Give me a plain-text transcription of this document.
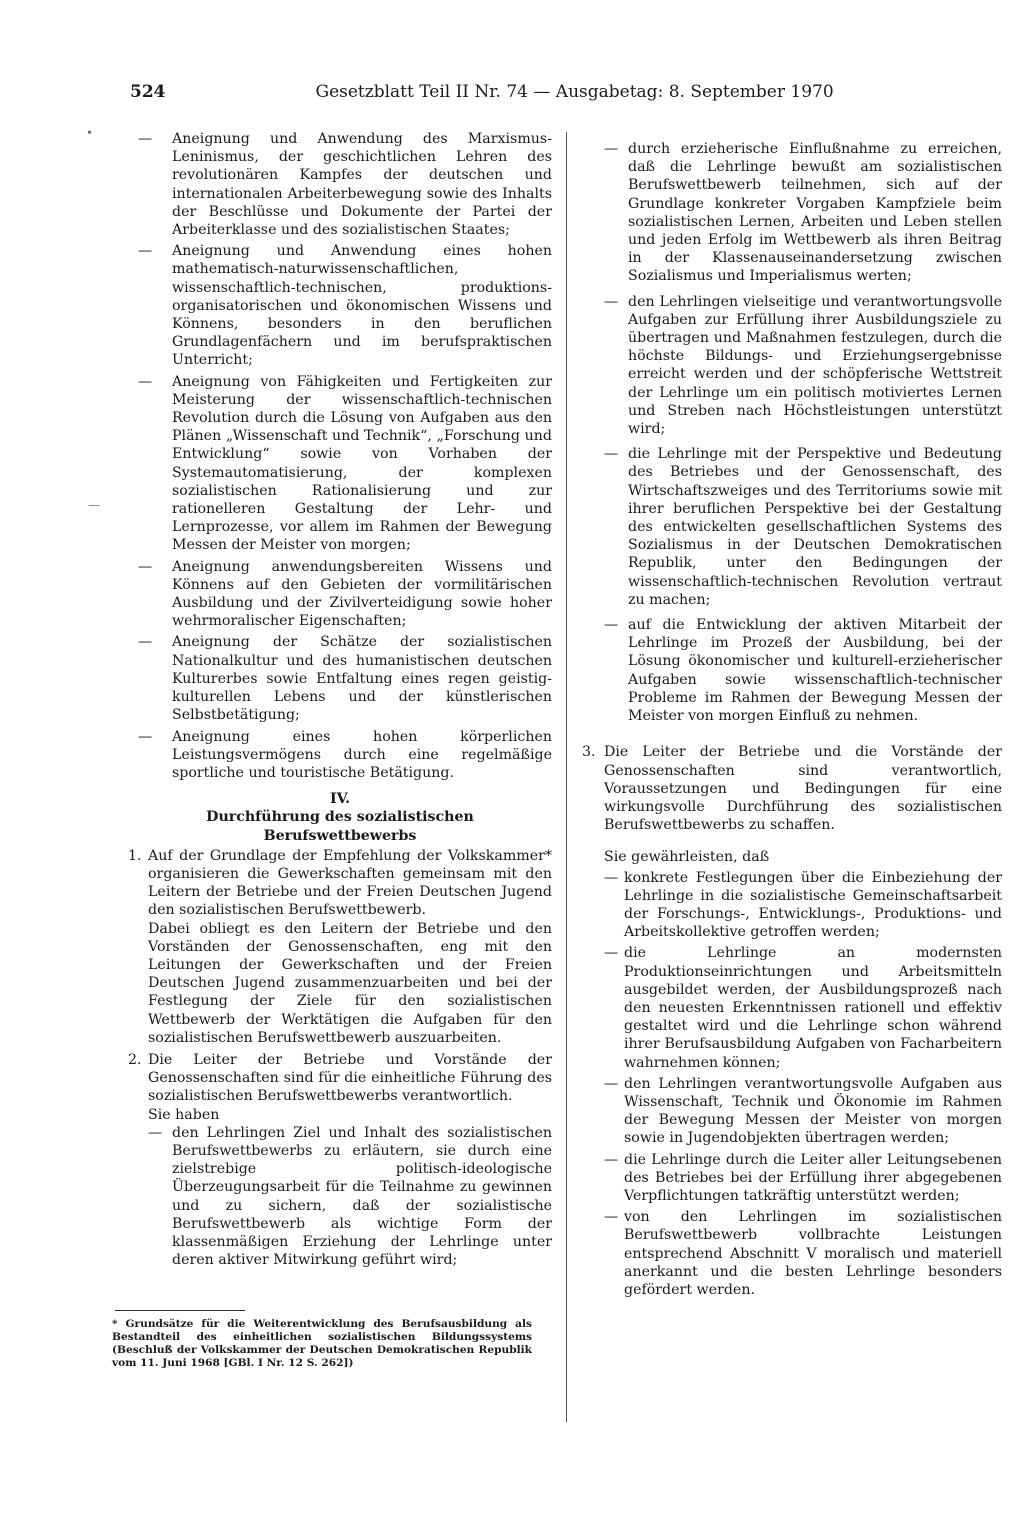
524	Gesetzblatt Teil II Nr. 74 — Ausgabetag: 8. September 1970
•
—
— Aneignung und Anwendung des Marxismus-Leninismus, der geschichtlichen Lehren des revolutionären Kampfes der deutschen und internationalen Arbeiterbewegung sowie des Inhalts der Beschlüsse und Dokumente der Partei der Arbeiterklasse und des sozialistischen Staates;
— Aneignung und Anwendung eines hohen mathematisch-naturwissenschaftlichen, wissenschaftlich-technischen, produktions-organisatorischen und ökonomischen Wissens und Könnens, besonders in den beruflichen Grundlagenfächern und im berufspraktischen Unterricht;
— Aneignung von Fähigkeiten und Fertigkeiten zur Meisterung der wissenschaftlich-technischen Revolution durch die Lösung von Aufgaben aus den Plänen „Wissenschaft und Technik“, „Forschung und Entwicklung“ sowie von Vorhaben der Systemautomatisierung, der komplexen sozialistischen Rationalisierung und zur rationelleren Gestaltung der Lehr- und Lernprozesse, vor allem im Rahmen der Bewegung Messen der Meister von morgen;
— Aneignung anwendungsbereiten Wissens und Könnens auf den Gebieten der vormilitärischen Ausbildung und der Zivilverteidigung sowie hoher wehrmoralischer Eigenschaften;
— Aneignung der Schätze der sozialistischen Nationalkultur und des humanistischen deutschen Kulturerbes sowie Entfaltung eines regen geistig-kulturellen Lebens und der künstlerischen Selbstbetätigung;
— Aneignung eines hohen körperlichen Leistungsvermögens durch eine regelmäßige sportliche und touristische Betätigung.
IV.
Durchführung des sozialistischen Berufswettbewerbs
1. Auf der Grundlage der Empfehlung der Volkskammer* organisieren die Gewerkschaften gemeinsam mit den Leitern der Betriebe und der Freien Deutschen Jugend den sozialistischen Berufswettbewerb.

Dabei obliegt es den Leitern der Betriebe und den Vorständen der Genossenschaften, eng mit den Leitungen der Gewerkschaften und der Freien Deutschen Jugend zusammenzuarbeiten und bei der Festlegung der Ziele für den sozialistischen Wettbewerb der Werktätigen die Aufgaben für den sozialistischen Berufswettbewerb auszuarbeiten.

2. Die Leiter der Betriebe und Vorstände der Genossenschaften sind für die einheitliche Führung des sozialistischen Berufswettbewerbs verantwortlich.

Sie haben

— den Lehrlingen Ziel und Inhalt des sozialistischen Berufswettbewerbs zu erläutern, sie durch eine zielstrebige politisch-ideologische Überzeugungsarbeit für die Teilnahme zu gewinnen und zu sichern, daß der sozialistische Berufswettbewerb als wichtige Form der klassenmäßigen Erziehung der Lehrlinge unter deren aktiver Mitwirkung geführt wird;

— durch erzieherische Einflußnahme zu erreichen, daß die Lehrlinge bewußt am sozialistischen Berufswettbewerb teilnehmen, sich auf der Grundlage konkreter Vorgaben Kampfziele beim sozialistischen Lernen, Arbeiten und Leben stellen und jeden Erfolg im Wettbewerb als ihren Beitrag in der Klassenauseinandersetzung zwischen Sozialismus und Imperialismus werten;
— den Lehrlingen vielseitige und verantwortungsvolle Aufgaben zur Erfüllung ihrer Ausbildungsziele zu übertragen und Maßnahmen festzulegen, durch die höchste Bildungs- und Erziehungsergebnisse erreicht werden und der schöpferische Wettstreit der Lehrlinge um ein politisch motiviertes Lernen und Streben nach Höchstleistungen unterstützt wird;
— die Lehrlinge mit der Perspektive und Bedeutung des Betriebes und der Genossenschaft, des Wirtschaftszweiges und des Territoriums sowie mit ihrer beruflichen Perspektive bei der Gestaltung des entwickelten gesellschaftlichen Systems des Sozialismus in der Deutschen Demokratischen Republik, unter den Bedingungen der wissenschaftlich-technischen Revolution vertraut zu machen;
— auf die Entwicklung der aktiven Mitarbeit der Lehrlinge im Prozeß der Ausbildung, bei der Lösung ökonomischer und kulturell-erzieherischer Aufgaben sowie wissenschaftlich-technischer Probleme im Rahmen der Bewegung Messen der Meister von morgen Einfluß zu nehmen.
3. Die Leiter der Betriebe und die Vorstände der Genossenschaften sind verantwortlich, Voraussetzungen und Bedingungen für eine wirkungsvolle Durchführung des sozialistischen Berufswettbewerbs zu schaffen.

Sie gewährleisten, daß

— konkrete Festlegungen über die Einbeziehung der Lehrlinge in die sozialistische Gemeinschaftsarbeit der Forschungs-, Entwicklungs-, Produktions- und Arbeitskollektive getroffen werden;

— die Lehrlinge an modernsten Produktionseinrichtungen und Arbeitsmitteln ausgebildet werden, der Ausbildungsprozeß nach den neuesten Erkenntnissen rationell und effektiv gestaltet wird und die Lehrlinge schon während ihrer Berufsausbildung Aufgaben von Facharbeitern wahrnehmen können;

— den Lehrlingen verantwortungsvolle Aufgaben aus Wissenschaft, Technik und Ökonomie im Rahmen der Bewegung Messen der Meister von morgen sowie in Jugendobjekten übertragen werden;

— die Lehrlinge durch die Leiter aller Leitungsebenen des Betriebes bei der Erfüllung ihrer abgegebenen Verpflichtungen tatkräftig unterstützt werden;

— von den Lehrlingen im sozialistischen Berufswettbewerb vollbrachte Leistungen entsprechend Abschnitt V moralisch und materiell anerkannt und die besten Lehrlinge besonders gefördert werden.

* Grundsätze für die Weiterentwicklung des Berufsausbildung als Bestandteil des einheitlichen sozialistischen Bildungssystems (Beschluß der Volkskammer der Deutschen Demokratischen Republik vom 11. Juni 1968 [GBl. I Nr. 12 S. 262])
